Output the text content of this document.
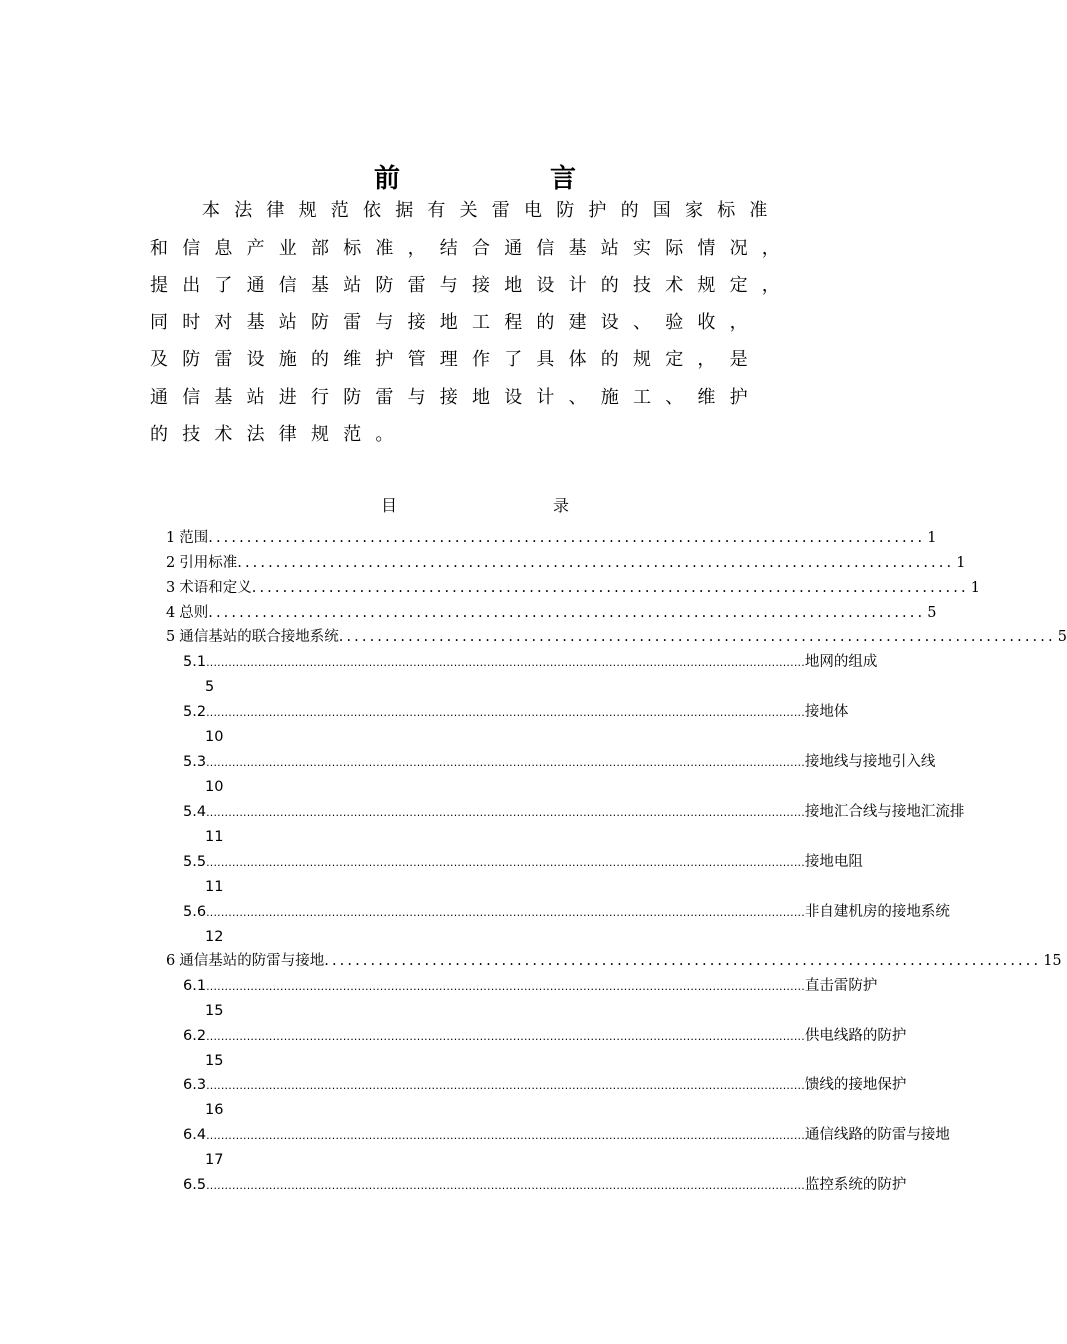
前　言
本法律规范依据有关雷电防护的国家标准
和信息产业部标准，结合通信基站实际情况，
提出了通信基站防雷与接地设计的技术规定，
同时对基站防雷与接地工程的建设、验收，
及防雷设施的维护管理作了具体的规定，是
通信基站进行防雷与接地设计、施工、维护
的技术法律规范。
目　录
1 范围 ............................................................................................. 1
2 引用标准 ............................................................................................. 1
3 术语和定义 ............................................................................................. 1
4 总则 ............................................................................................. 5
5 通信基站的联合接地系统 ............................................................................................. 5
5.1 .................................................................................................................................................................. 地网的组成
5
5.2 .................................................................................................................................................................. 接地体
10
5.3 .................................................................................................................................................................. 接地线与接地引入线
10
5.4 .................................................................................................................................................................. 接地汇合线与接地汇流排
11
5.5 .................................................................................................................................................................. 接地电阻
11
5.6 .................................................................................................................................................................. 非自建机房的接地系统
12
6 通信基站的防雷与接地 ............................................................................................. 15
6.1 .................................................................................................................................................................. 直击雷防护
15
6.2 .................................................................................................................................................................. 供电线路的防护
15
6.3 .................................................................................................................................................................. 馈线的接地保护
16
6.4 .................................................................................................................................................................. 通信线路的防雷与接地
17
6.5 .................................................................................................................................................................. 监控系统的防护
